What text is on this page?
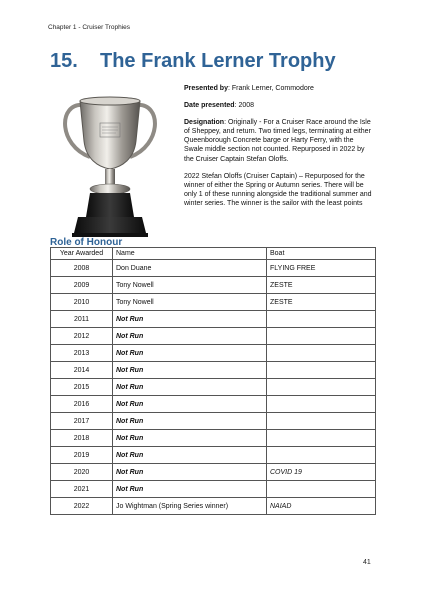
Chapter 1 - Cruiser Trophies
15. The Frank Lerner Trophy

Presented by: Frank Lerner, Commodore

Date presented: 2008

Designation: Originally - For a Cruiser Race around the Isle of Sheppey, and return. Two timed legs, terminating at either Queenborough Concrete barge or Harty Ferry, with the Swale middle section not counted. Repurposed in 2022 by the Cruiser Captain Stefan Oloffs.

2022 Stefan Oloffs (Cruiser Captain) – Repurposed for the winner of either the Spring or Autumn series. There will be only 1 of these running alongside the traditional summer and winter series. The winner is the sailor with the least points

Role of Honour
Year Awarded	Name	Boat
2008	Don Duane	FLYING FREE
2009	Tony Nowell	ZESTE
2010	Tony Nowell	ZESTE
2011	Not Run	
2012	Not Run	
2013	Not Run	
2014	Not Run	
2015	Not Run	
2016	Not Run	
2017	Not Run	
2018	Not Run	
2019	Not Run	
2020	Not Run	COVID 19
2021	Not Run	
2022	Jo Wightman (Spring Series winner)	NAIAD
41
